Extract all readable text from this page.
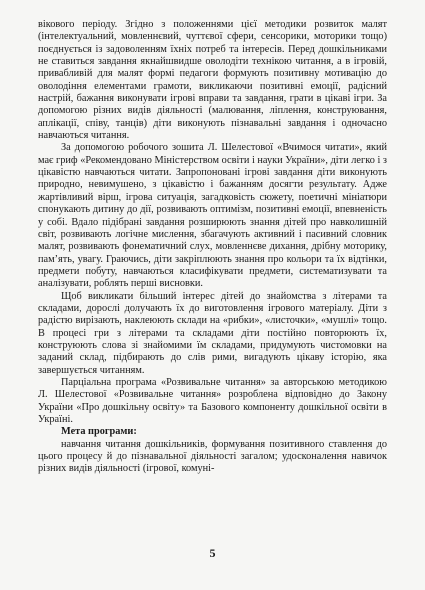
вікового періоду. Згідно з положеннями цієї методики розвиток малят (інтелектуальний, мовленнєвий, чуттєвої сфери, сенсорики, моторики тощо) поєднується із задоволенням їхніх потреб та інтересів. Перед дошкільниками не ставиться завдання якнайшвидше оволодіти технікою читання, а в ігровій, привабливій для малят формі педагоги формують позитивну мотивацію до оволодіння елементами грамоти, викликаючи позитивні емоції, радісний настрій, бажання виконувати ігрові вправи та завдання, грати в цікаві ігри. За допомогою різних видів діяльності (малювання, ліплення, конструювання, аплікації, співу, танців) діти виконують пізнавальні завдання і одночасно навчаються читання.

За допомогою робочого зошита Л. Шелестової «Вчимося читати», який має гриф «Рекомендовано Міністерством освіти і науки України», діти легко і з цікавістю навчаються читати. Запропоновані ігрові завдання діти виконують природно, невимушено, з цікавістю і бажанням досягти результату. Адже жартівливий вірш, ігрова ситуація, загадковість сюжету, поетичні мініатюри спонукають дитину до дії, розвивають оптимізм, позитивні емоції, впевненість у собі. Вдало підібрані завдання розширюють знання дітей про навколишній світ, розвивають логічне мислення, збагачують активний і пасивний словник малят, розвивають фонематичний слух, мовленнєве дихання, дрібну моторику, пам’ять, увагу. Граючись, діти закріплюють знання про кольори та їх відтінки, предмети побуту, навчаються класифікувати предмети, систематизувати та аналізувати, роблять перші висновки.

Щоб викликати більший інтерес дітей до знайомства з літерами та складами, дорослі долучають їх до виготовлення ігрового матеріалу. Діти з радістю вирізають, наклеюють склади на «рибки», «листочки», «мушлі» тощо. В процесі гри з літерами та складами діти постійно повторюють їх, конструюють слова зі знайомими їм складами, придумують чистомовки на заданий склад, підбирають до слів рими, вигадують цікаву історію, яка завершується читанням.

Парціальна програма «Розвивальне читання» за авторською методикою Л. Шелестової «Розвивальне читання» розроблена відповідно до Закону України «Про дошкільну освіту» та Базового компоненту дошкільної освіти в Україні.

Мета програми:

навчання читання дошкільників, формування позитивного ставлення до цього процесу й до пізнавальної діяльності загалом; удосконалення навичок різних видів діяльності (ігрової, комуні-

5
